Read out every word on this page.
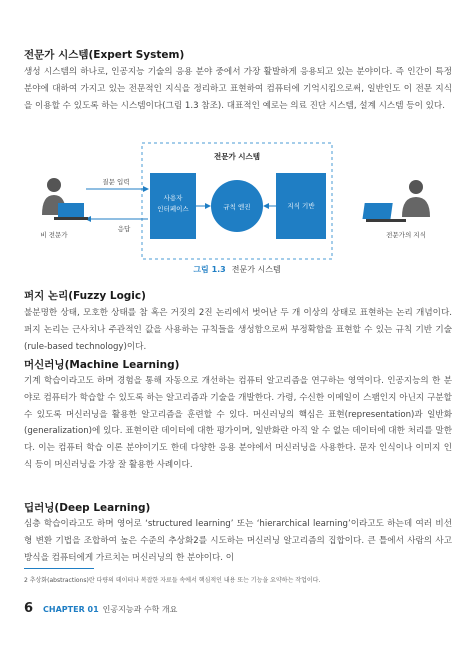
전문가 시스템(Expert System)

생성 시스템의 하나로, 인공지능 기술의 응용 분야 중에서 가장 활발하게 응용되고 있는 분야이다. 즉 인간이 특정 분야에 대하여 가지고 있는 전문적인 지식을 정리하고 표현하여 컴퓨터에 기억시킴으로써, 일반인도 이 전문 지식을 이용할 수 있도록 하는 시스템이다(그림 1.3 참조). 대표적인 예로는 의료 진단 시스템, 설계 시스템 등이 있다.

전문가 시스템
사용자
인터페이스	규칙 엔진	지식 기반
질문 입력
응답
비 전문가	전문가의 지식
그림 1.3 전문가 시스템
퍼지 논리(Fuzzy Logic)

불분명한 상태, 모호한 상태를 참 혹은 거짓의 2진 논리에서 벗어난 두 개 이상의 상태로 표현하는 논리 개념이다. 퍼지 논리는 근사치나 주관적인 값을 사용하는 규칙들을 생성함으로써 부정확함을 표현할 수 있는 규칙 기반 기술(rule-based technology)이다.

머신러닝(Machine Learning)

기계 학습이라고도 하며 경험을 통해 자동으로 개선하는 컴퓨터 알고리즘을 연구하는 영역이다. 인공지능의 한 분야로 컴퓨터가 학습할 수 있도록 하는 알고리즘과 기술을 개발한다. 가령, 수신한 이메일이 스팸인지 아닌지 구분할 수 있도록 머신러닝을 활용한 알고리즘을 훈련할 수 있다. 머신러닝의 핵심은 표현(representation)과 일반화(generalization)에 있다. 표현이란 데이터에 대한 평가이며, 일반화란 아직 알 수 없는 데이터에 대한 처리를 말한다. 이는 컴퓨터 학습 이론 분야이기도 한데 다양한 응용 분야에서 머신러닝을 사용한다. 문자 인식이나 이미지 인식 등이 머신러닝을 가장 잘 활용한 사례이다.

딥러닝(Deep Learning)

심층 학습이라고도 하며 영어로 ‘structured learning’ 또는 ‘hierarchical learning’이라고도 하는데 여러 비선형 변환 기법을 조합하여 높은 수준의 추상화2를 시도하는 머신러닝 알고리즘의 집합이다. 큰 틀에서 사람의 사고방식을 컴퓨터에게 가르치는 머신러닝의 한 분야이다. 이

2 추상화(abstractions)란 다량의 데이터나 복잡한 자료들 속에서 핵심적인 내용 또는 기능을 요약하는 작업이다.
6 CHAPTER 01 인공지능과 수학 개요
